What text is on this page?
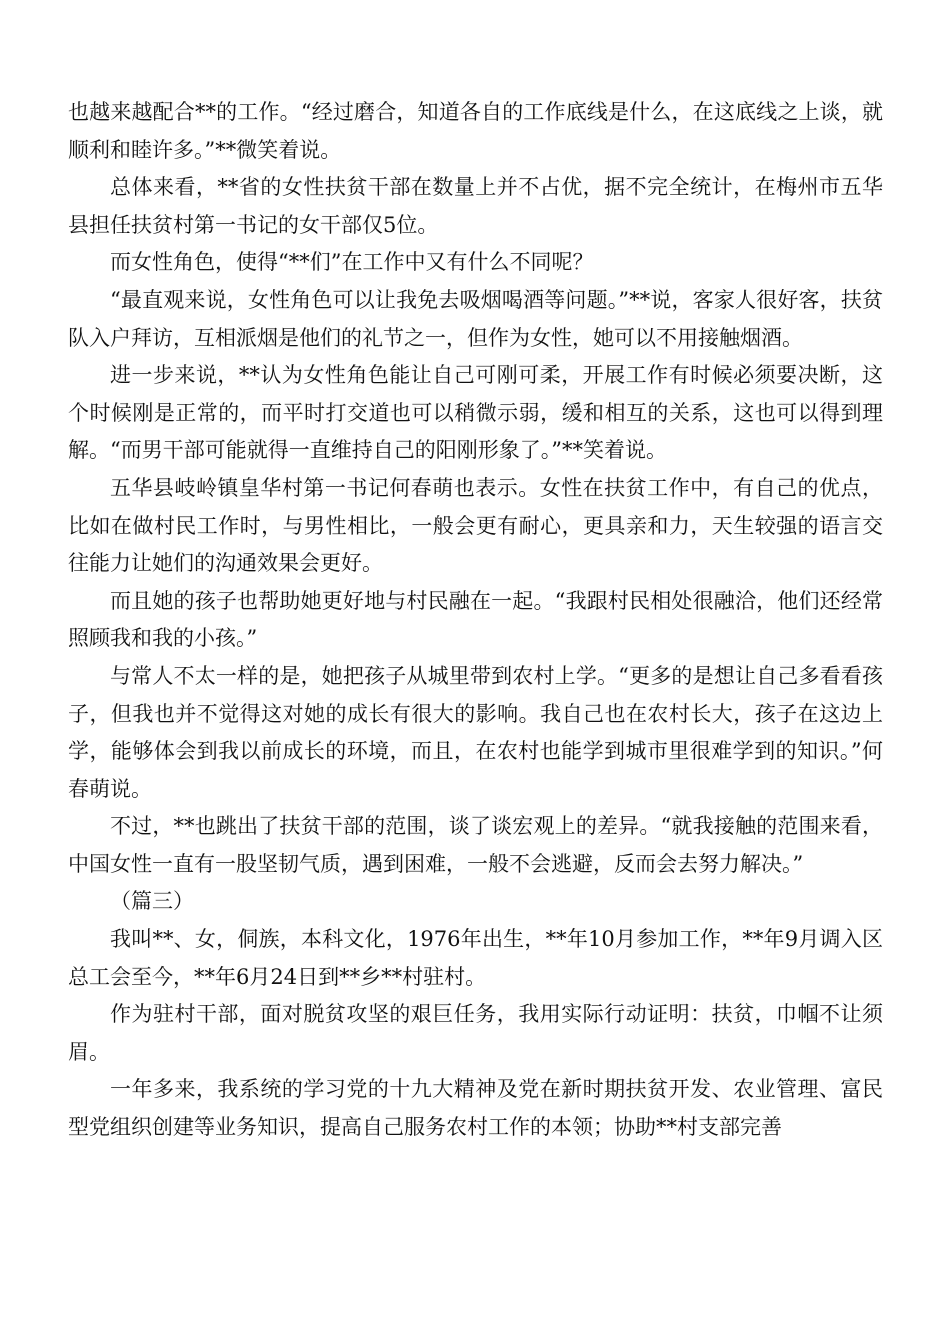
也越来越配合**的工作。“经过磨合，知道各自的工作底线是什么，在这底线之上谈，就顺利和睦许多。”**微笑着说。

总体来看，**省的女性扶贫干部在数量上并不占优，据不完全统计，在梅州市五华县担任扶贫村第一书记的女干部仅5位。

而女性角色，使得“**们”在工作中又有什么不同呢？

“最直观来说，女性角色可以让我免去吸烟喝酒等问题。”**说，客家人很好客，扶贫队入户拜访，互相派烟是他们的礼节之一，但作为女性，她可以不用接触烟酒。

进一步来说，**认为女性角色能让自己可刚可柔，开展工作有时候必须要决断，这个时候刚是正常的，而平时打交道也可以稍微示弱，缓和相互的关系，这也可以得到理解。“而男干部可能就得一直维持自己的阳刚形象了。”**笑着说。

五华县岐岭镇皇华村第一书记何春萌也表示。女性在扶贫工作中，有自己的优点，比如在做村民工作时，与男性相比，一般会更有耐心，更具亲和力，天生较强的语言交往能力让她们的沟通效果会更好。

而且她的孩子也帮助她更好地与村民融在一起。“我跟村民相处很融洽，他们还经常照顾我和我的小孩。”

与常人不太一样的是，她把孩子从城里带到农村上学。“更多的是想让自己多看看孩子，但我也并不觉得这对她的成长有很大的影响。我自己也在农村长大，孩子在这边上学，能够体会到我以前成长的环境，而且，在农村也能学到城市里很难学到的知识。”何春萌说。

不过，**也跳出了扶贫干部的范围，谈了谈宏观上的差异。“就我接触的范围来看，中国女性一直有一股坚韧气质，遇到困难，一般不会逃避，反而会去努力解决。”

（篇三）

我叫**、女，侗族，本科文化，1976年出生，**年10月参加工作，**年9月调入区总工会至今，**年6月24日到**乡**村驻村。

作为驻村干部，面对脱贫攻坚的艰巨任务，我用实际行动证明：扶贫，巾帼不让须眉。

一年多来，我系统的学习党的十九大精神及党在新时期扶贫开发、农业管理、富民型党组织创建等业务知识，提高自己服务农村工作的本领；协助**村支部完善
